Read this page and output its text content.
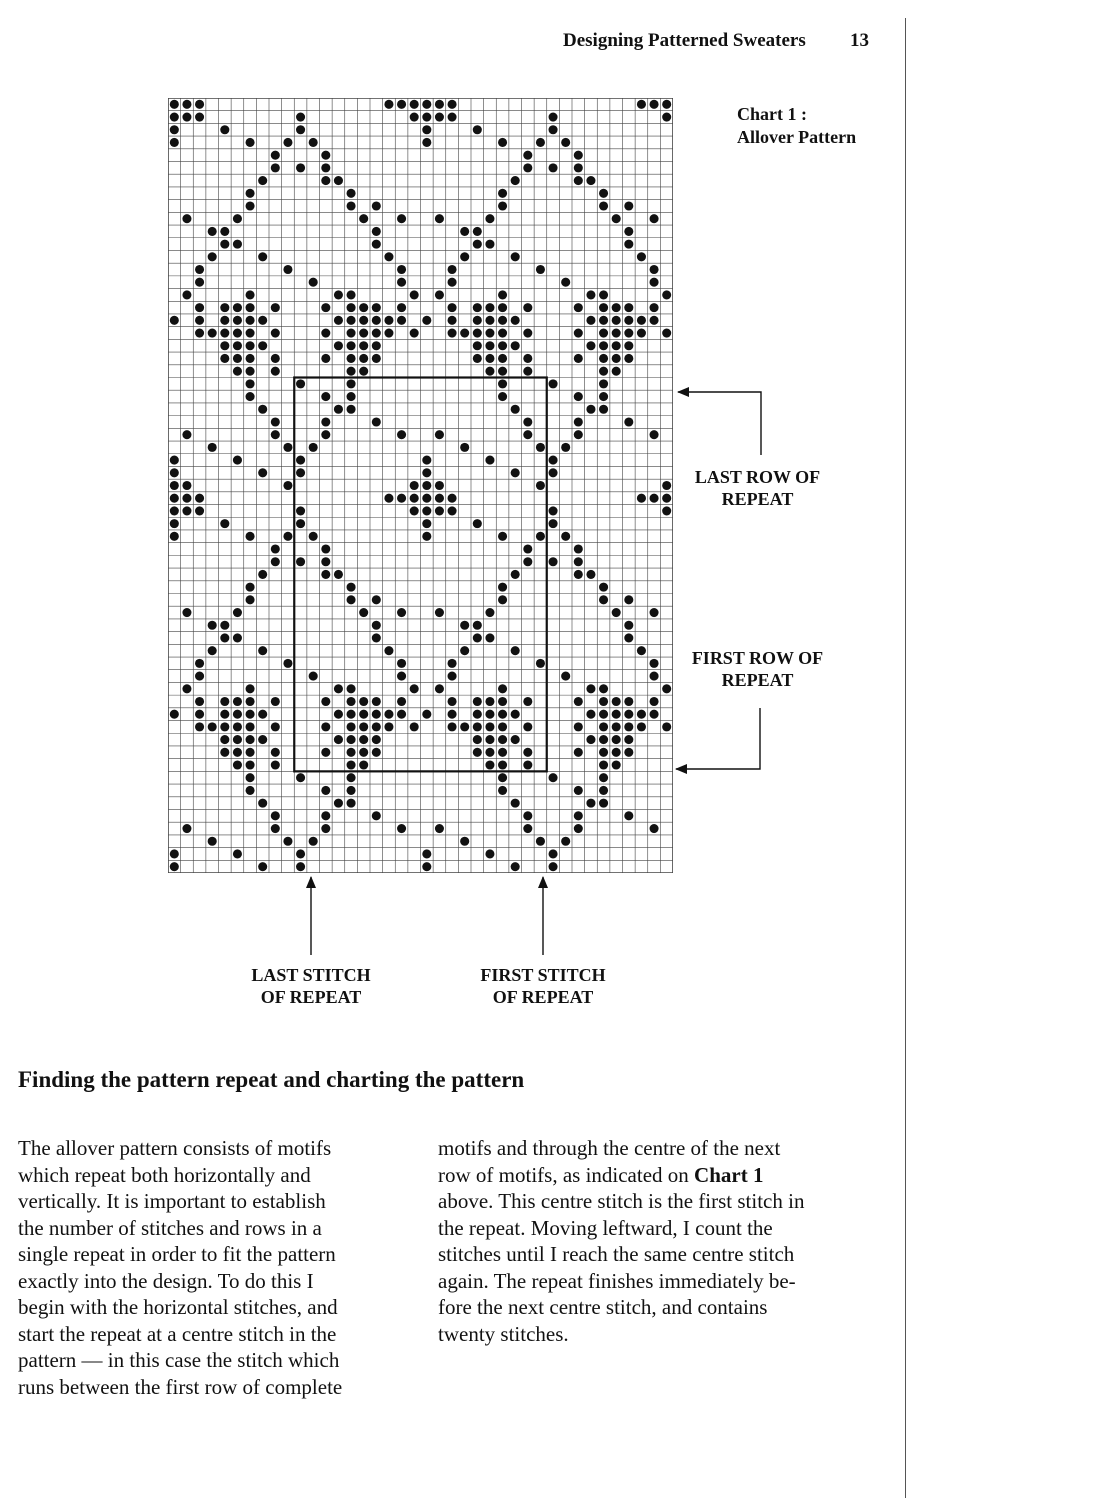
Designing Patterned Sweaters 13
Chart 1 :
Allover Pattern
LAST ROW OF
REPEAT
FIRST ROW OF
REPEAT
LAST STITCH
OF REPEAT
FIRST STITCH
OF REPEAT
Finding the pattern repeat and charting the pattern
The allover pattern consists of motifs
which repeat both horizontally and
vertically. It is important to establish
the number of stitches and rows in a
single repeat in order to fit the pattern
exactly into the design. To do this I
begin with the horizontal stitches, and
start the repeat at a centre stitch in the
pattern — in this case the stitch which
runs between the first row of complete
motifs and through the centre of the next
row of motifs, as indicated on Chart 1
above. This centre stitch is the first stitch in
the repeat. Moving leftward, I count the
stitches until I reach the same centre stitch
again. The repeat finishes immediately be-
fore the next centre stitch, and contains
twenty stitches.
